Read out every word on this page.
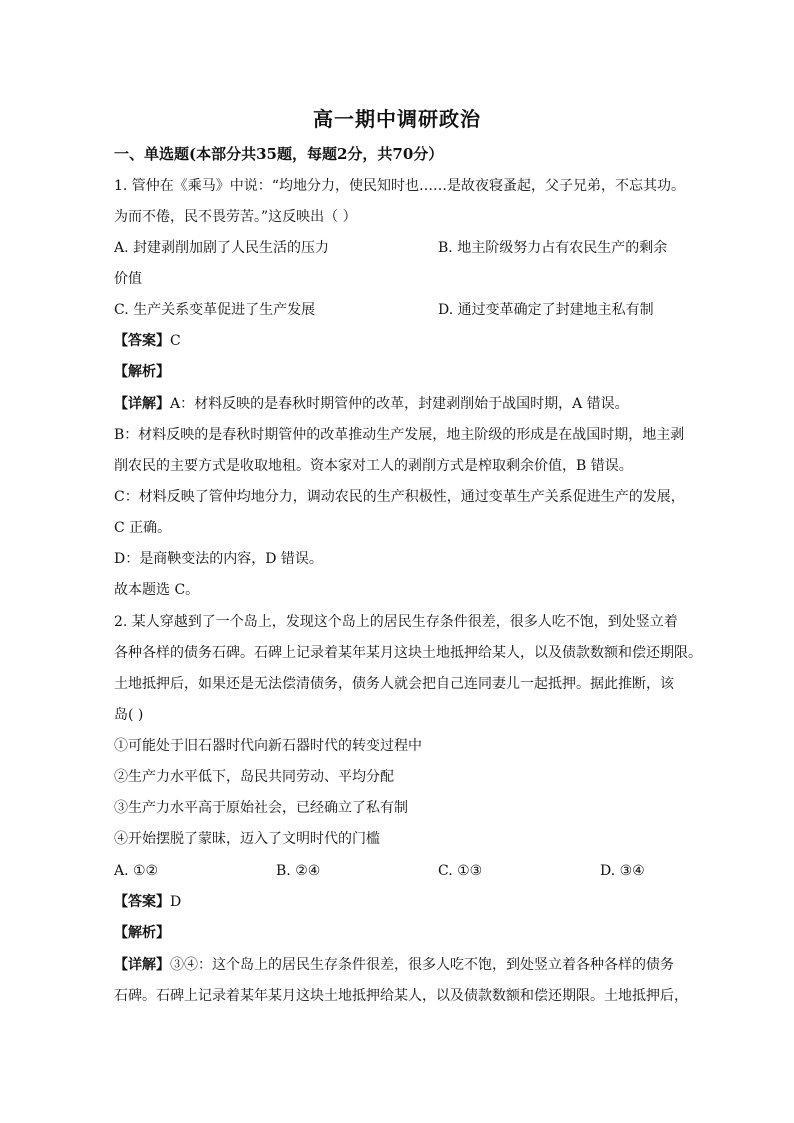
高一期中调研政治
一、单选题(本部分共35题，每题2分，共70分）
1. 管仲在《乘马》中说：“均地分力，使民知时也……是故夜寝蚤起，父子兄弟，不忘其功。
为而不倦，民不畏劳苦。”这反映出（ ）
A. 封建剥削加剧了人民生活的压力	B. 地主阶级努力占有农民生产的剩余
价值
C. 生产关系变革促进了生产发展	D. 通过变革确定了封建地主私有制
【答案】C
【解析】
【详解】A：材料反映的是春秋时期管仲的改革，封建剥削始于战国时期，A 错误。
B：材料反映的是春秋时期管仲的改革推动生产发展，地主阶级的形成是在战国时期，地主剥
削农民的主要方式是收取地租。资本家对工人的剥削方式是榨取剩余价值，B 错误。
C：材料反映了管仲均地分力，调动农民的生产积极性，通过变革生产关系促进生产的发展，
C 正确。
D：是商鞅变法的内容，D 错误。
故本题选 C。
2. 某人穿越到了一个岛上，发现这个岛上的居民生存条件很差，很多人吃不饱，到处竖立着
各种各样的债务石碑。石碑上记录着某年某月这块土地抵押给某人，以及债款数额和偿还期限。
土地抵押后，如果还是无法偿清债务，债务人就会把自己连同妻儿一起抵押。据此推断，该
岛( )
①可能处于旧石器时代向新石器时代的转变过程中
②生产力水平低下，岛民共同劳动、平均分配
③生产力水平高于原始社会，已经确立了私有制
④开始摆脱了蒙昧，迈入了文明时代的门槛
A. ①②	B. ②④	C. ①③	D. ③④
【答案】D
【解析】
【详解】③④：这个岛上的居民生存条件很差，很多人吃不饱，到处竖立着各种各样的债务
石碑。石碑上记录着某年某月这块土地抵押给某人，以及债款数额和偿还期限。土地抵押后，
